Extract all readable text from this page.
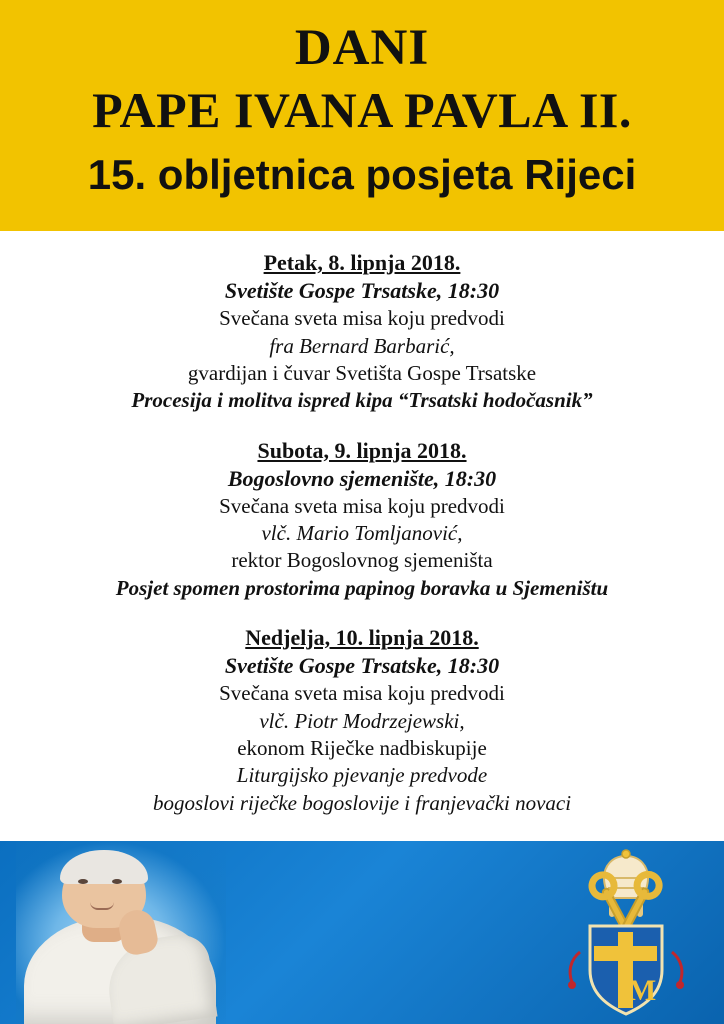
DANI
PAPE IVANA PAVLA II.
15. obljetnica posjeta Rijeci
Petak, 8. lipnja 2018.
Svetište Gospe Trsatske, 18:30
Svečana sveta misa koju predvodi
fra Bernard Barbarić,
gvardijan i čuvar Svetišta Gospe Trsatske
Procesija i molitva ispred kipa “Trsatski hodočasnik”
Subota, 9. lipnja 2018.
Bogoslovno sjemenište, 18:30
Svečana sveta misa koju predvodi
vlč. Mario Tomljanović,
rektor Bogoslovnog sjemeništa
Posjet spomen prostorima papinog boravka u Sjemeništu
Nedjelja, 10. lipnja 2018.
Svetište Gospe Trsatske, 18:30
Svečana sveta misa koju predvodi
vlč. Piotr Modrzejewski,
ekonom Riječke nadbiskupije
Liturgijsko pjevanje predvode
bogoslovi riječke bogoslovije i franjevački novaci
M
